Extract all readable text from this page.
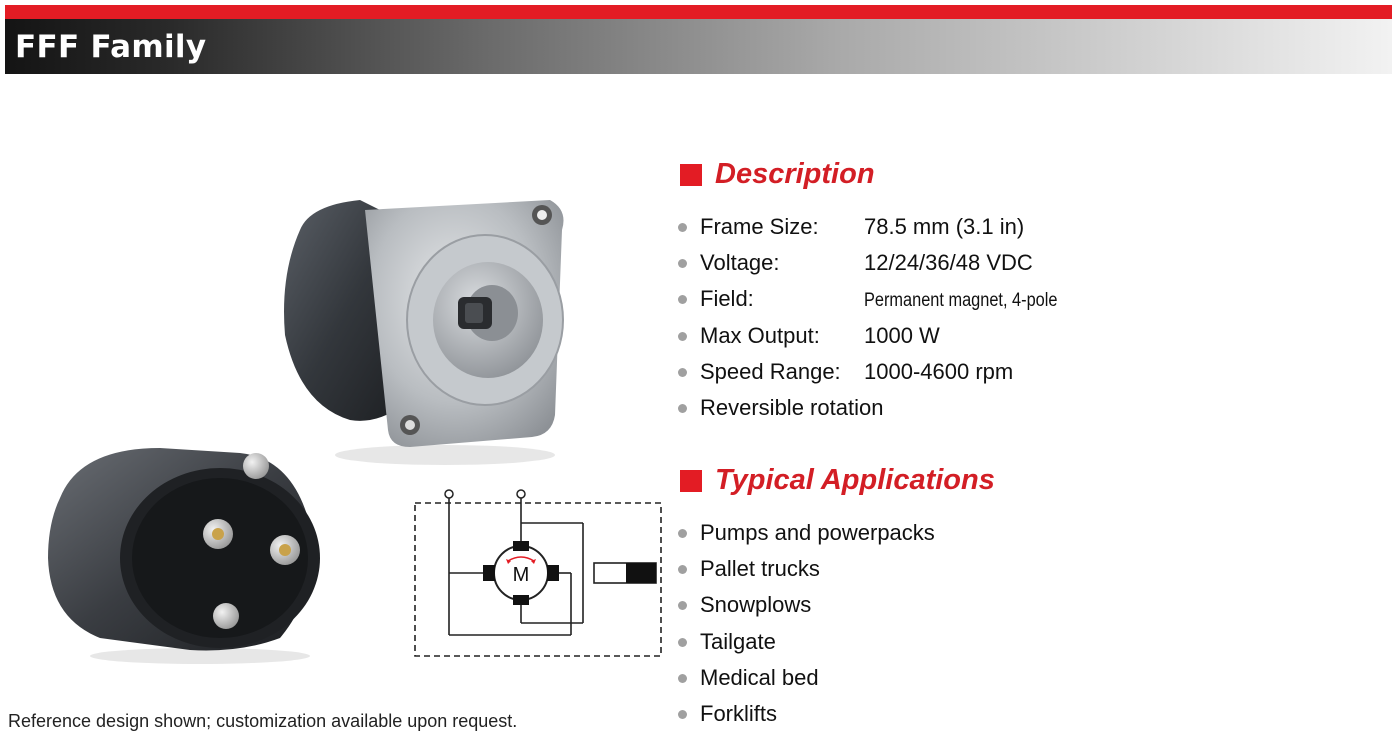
FFF Family
M
Reference design shown; customization available upon request.
Description
Frame Size: 78.5 mm (3.1 in)
Voltage:	12/24/36/48 VDC
Field:	Permanent magnet, 4-pole
Max Output: 1000 W
Speed Range: 1000-4600 rpm
Reversible rotation
Typical Applications
Pumps and powerpacks
Pallet trucks
Snowplows
Tailgate
Medical bed
Forklifts
